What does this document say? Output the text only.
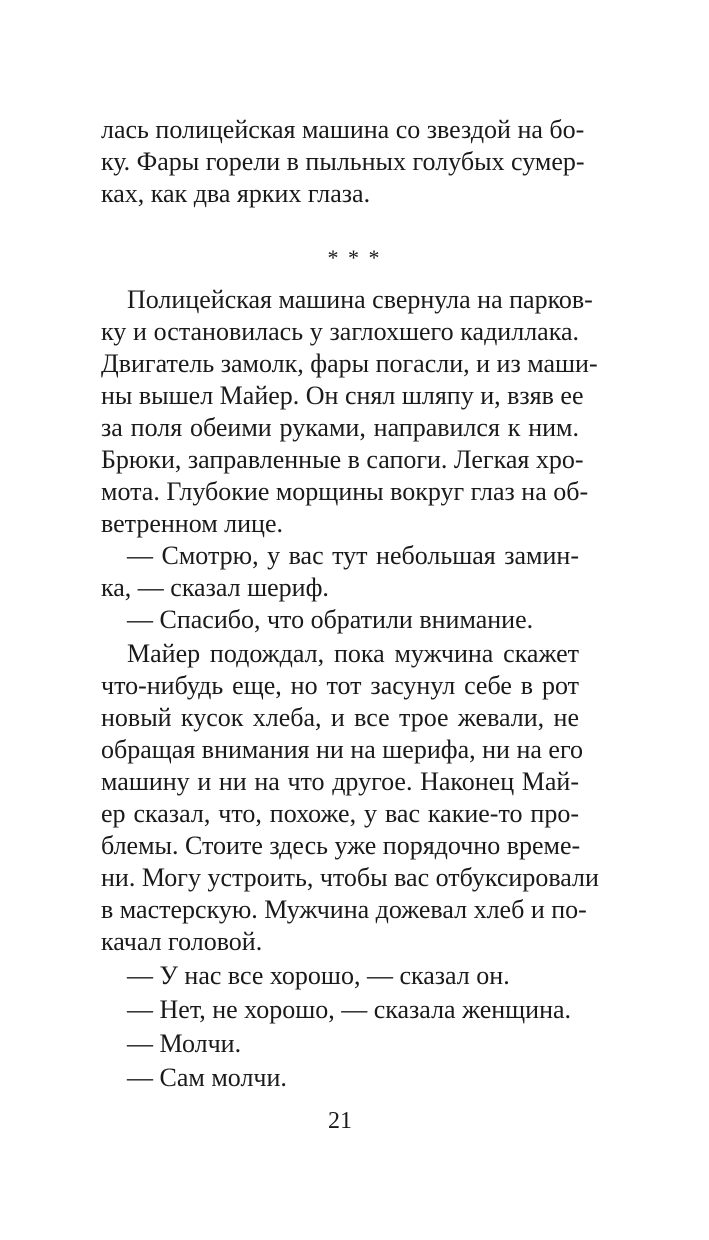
лась полицейская машина со звездой на бо-
ку. Фары горели в пыльных голубых сумер-
ках, как два ярких глаза.
* * *
Полицейская машина свернула на парков-
ку и остановилась у заглохшего кадиллака.
Двигатель замолк, фары погасли, и из маши-
ны вышел Майер. Он снял шляпу и, взяв ее
за поля обеими руками, направился к ним.
Брюки, заправленные в сапоги. Легкая хро-
мота. Глубокие морщины вокруг глаз на об-
ветренном лице.
— Смотрю, у вас тут небольшая замин-
ка, — сказал шериф.
— Спасибо, что обратили внимание.
Майер подождал, пока мужчина скажет
что-нибудь еще, но тот засунул себе в рот
новый кусок хлеба, и все трое жевали, не
обращая внимания ни на шерифа, ни на его
машину и ни на что другое. Наконец Май-
ер сказал, что, похоже, у вас какие-то про-
блемы. Стоите здесь уже порядочно време-
ни. Могу устроить, чтобы вас отбуксировали
в мастерскую. Мужчина дожевал хлеб и по-
качал головой.
— У нас все хорошо, — сказал он.
— Нет, не хорошо, — сказала женщина.
— Молчи.
— Сам молчи.
21
